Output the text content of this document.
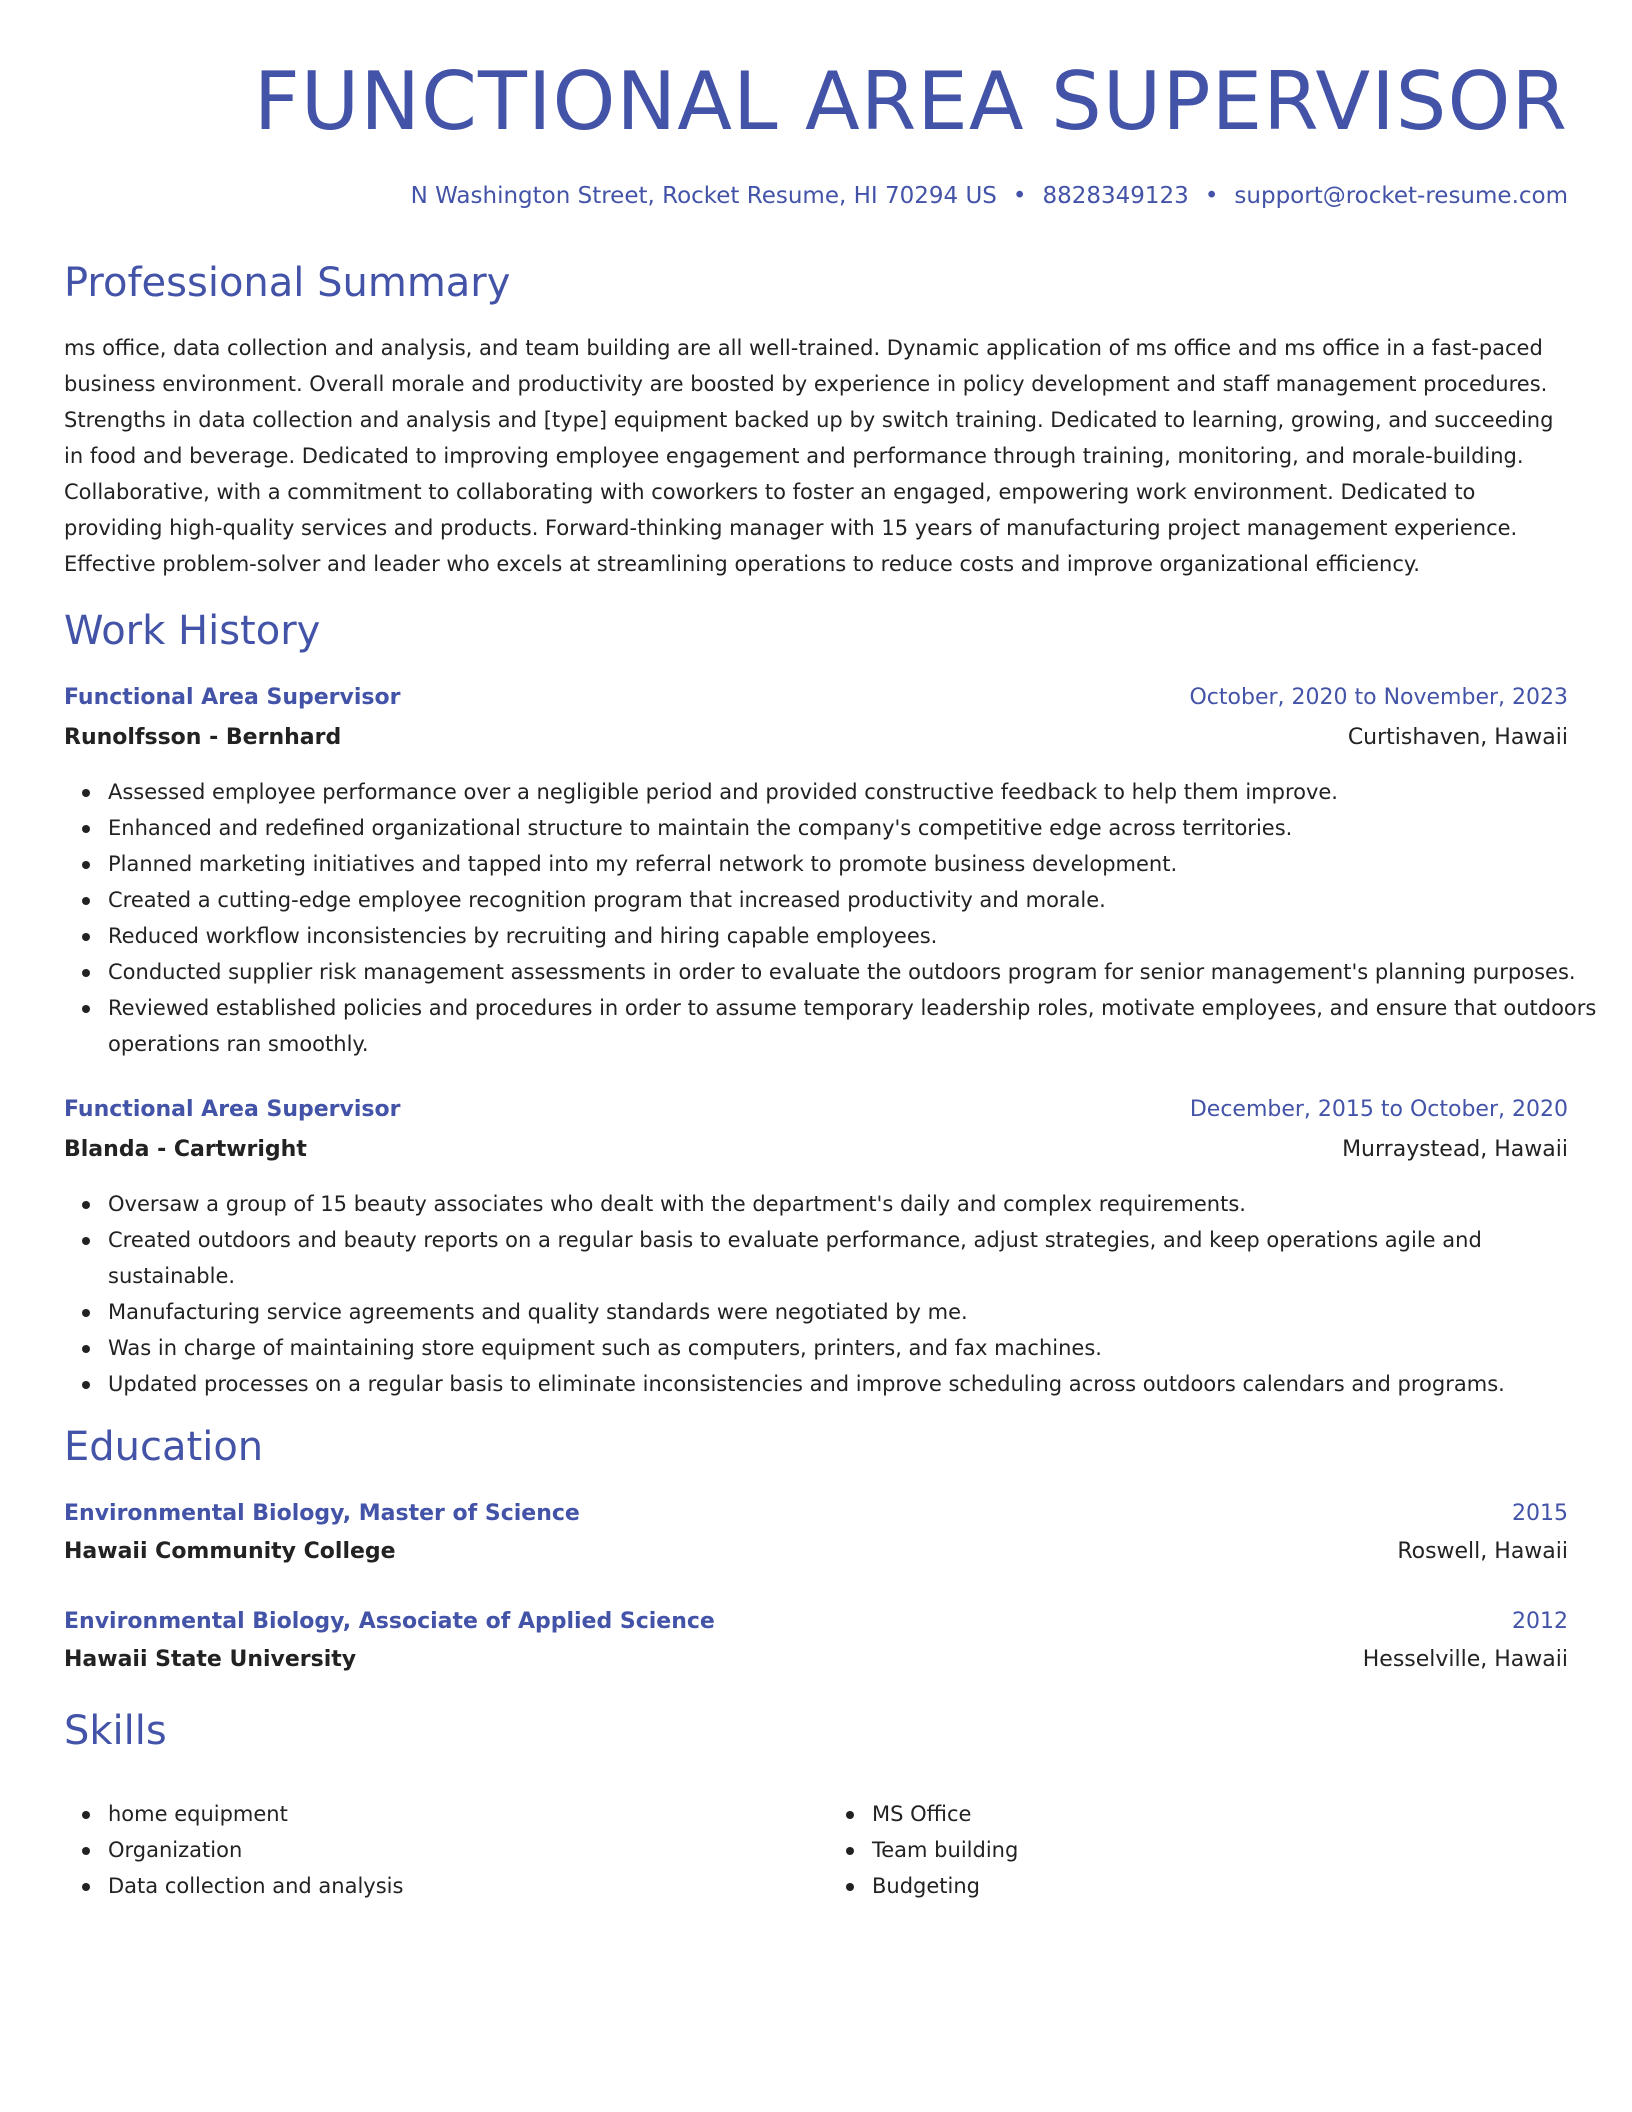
FUNCTIONAL AREA SUPERVISOR
N Washington Street, Rocket Resume, HI 70294 US • 8828349123 • support@rocket-resume.com
Professional Summary

ms office, data collection and analysis, and team building are all well-trained. Dynamic application of ms office and ms office in a fast-paced business environment. Overall morale and productivity are boosted by experience in policy development and staff management procedures. Strengths in data collection and analysis and [type] equipment backed up by switch training. Dedicated to learning, growing, and succeeding in food and beverage. Dedicated to improving employee engagement and performance through training, monitoring, and morale-building. Collaborative, with a commitment to collaborating with coworkers to foster an engaged, empowering work environment. Dedicated to providing high-quality services and products. Forward-thinking manager with 15 years of manufacturing project management experience. Effective problem-solver and leader who excels at streamlining operations to reduce costs and improve organizational efficiency.

Work History
Functional Area Supervisor	October, 2020 to November, 2023
Runolfsson - Bernhard	Curtishaven, Hawaii
Assessed employee performance over a negligible period and provided constructive feedback to help them improve.
Enhanced and redefined organizational structure to maintain the company's competitive edge across territories.
Planned marketing initiatives and tapped into my referral network to promote business development.
Created a cutting-edge employee recognition program that increased productivity and morale.
Reduced workflow inconsistencies by recruiting and hiring capable employees.
Conducted supplier risk management assessments in order to evaluate the outdoors program for senior management's planning purposes.
Reviewed established policies and procedures in order to assume temporary leadership roles, motivate employees, and ensure that outdoors operations ran smoothly.
Functional Area Supervisor	December, 2015 to October, 2020
Blanda - Cartwright	Murraystead, Hawaii
Oversaw a group of 15 beauty associates who dealt with the department's daily and complex requirements.
Created outdoors and beauty reports on a regular basis to evaluate performance, adjust strategies, and keep operations agile and sustainable.
Manufacturing service agreements and quality standards were negotiated by me.
Was in charge of maintaining store equipment such as computers, printers, and fax machines.
Updated processes on a regular basis to eliminate inconsistencies and improve scheduling across outdoors calendars and programs.
Education
Environmental Biology, Master of Science	2015
Hawaii Community College	Roswell, Hawaii
Environmental Biology, Associate of Applied Science	2012
Hawaii State University	Hesselville, Hawaii
Skills
home equipment
Organization
Data collection and analysis
MS Office
Team building
Budgeting
